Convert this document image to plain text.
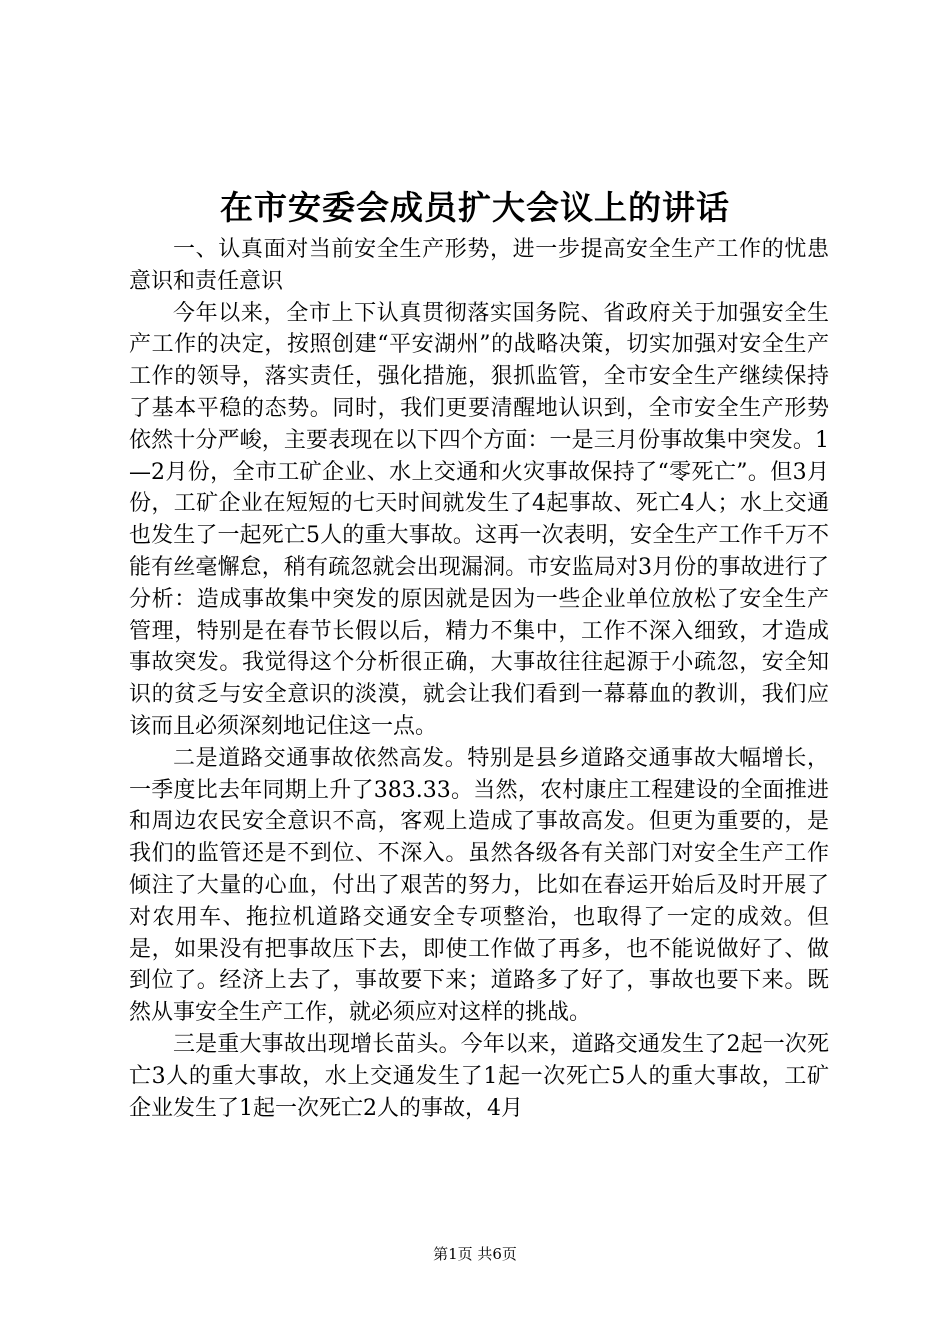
在市安委会成员扩大会议上的讲话

一、认真面对当前安全生产形势，进一步提高安全生产工作的忧患意识和责任意识

今年以来，全市上下认真贯彻落实国务院、省政府关于加强安全生产工作的决定，按照创建“平安湖州”的战略决策，切实加强对安全生产工作的领导，落实责任，强化措施，狠抓监管，全市安全生产继续保持了基本平稳的态势。同时，我们更要清醒地认识到，全市安全生产形势依然十分严峻，主要表现在以下四个方面：一是三月份事故集中突发。1—2月份，全市工矿企业、水上交通和火灾事故保持了“零死亡”。但3月份，工矿企业在短短的七天时间就发生了4起事故、死亡4人；水上交通也发生了一起死亡5人的重大事故。这再一次表明，安全生产工作千万不能有丝毫懈怠，稍有疏忽就会出现漏洞。市安监局对3月份的事故进行了分析：造成事故集中突发的原因就是因为一些企业单位放松了安全生产管理，特别是在春节长假以后，精力不集中，工作不深入细致，才造成事故突发。我觉得这个分析很正确，大事故往往起源于小疏忽，安全知识的贫乏与安全意识的淡漠，就会让我们看到一幕幕血的教训，我们应该而且必须深刻地记住这一点。

二是道路交通事故依然高发。特别是县乡道路交通事故大幅增长，一季度比去年同期上升了383.33。当然，农村康庄工程建设的全面推进和周边农民安全意识不高，客观上造成了事故高发。但更为重要的，是我们的监管还是不到位、不深入。虽然各级各有关部门对安全生产工作倾注了大量的心血，付出了艰苦的努力，比如在春运开始后及时开展了对农用车、拖拉机道路交通安全专项整治，也取得了一定的成效。但是，如果没有把事故压下去，即使工作做了再多，也不能说做好了、做到位了。经济上去了，事故要下来；道路多了好了，事故也要下来。既然从事安全生产工作，就必须应对这样的挑战。

三是重大事故出现增长苗头。今年以来，道路交通发生了2起一次死亡3人的重大事故，水上交通发生了1起一次死亡5人的重大事故，工矿企业发生了1起一次死亡2人的事故，4月

第1页 共6页
